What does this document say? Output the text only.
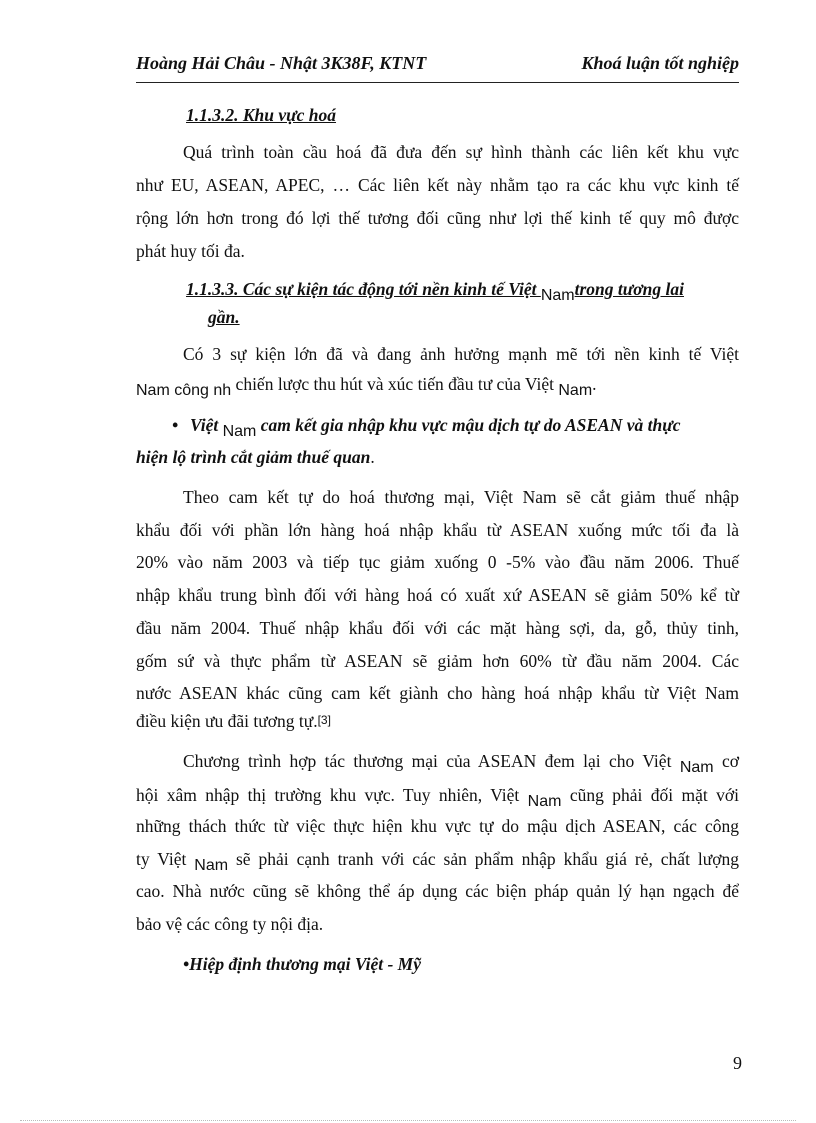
Hoàng Hải Châu - Nhật 3K38F, KTNT	Khoá luận tốt nghiệp
1.1.3.2. Khu vực hoá
Quá trình toàn cầu hoá đã đưa đến sự hình thành các liên kết khu vực
như EU, ASEAN, APEC, … Các liên kết này nhằm tạo ra các khu vực kinh tế
rộng lớn hơn trong đó lợi thế tương đối cũng như lợi thế kinh tế quy mô được
phát huy tối đa.
1.1.3.3. Các sự kiện tác động tới nền kinh tế Việt Namtrong tương lai
gần.
Có 3 sự kiện lớn đã và đang ảnh hưởng mạnh mẽ tới nền kinh tế Việt
Nam công nh chiến lược thu hút và xúc tiến đầu tư của Việt Nam.
• Việt Nam cam kết gia nhập khu vực mậu dịch tự do ASEAN và thực
hiện lộ trình cắt giảm thuế quan.
Theo cam kết tự do hoá thương mại, Việt Nam sẽ cắt giảm thuế nhập
khẩu đối với phần lớn hàng hoá nhập khẩu từ ASEAN xuống mức tối đa là
20% vào năm 2003 và tiếp tục giảm xuống 0 -5% vào đầu năm 2006. Thuế
nhập khẩu trung bình đối với hàng hoá có xuất xứ ASEAN sẽ giảm 50% kể từ
đầu năm 2004. Thuế nhập khẩu đối với các mặt hàng sợi, da, gỗ, thủy tinh,
gốm sứ và thực phẩm từ ASEAN sẽ giảm hơn 60% từ đầu năm 2004. Các
nước ASEAN khác cũng cam kết giành cho hàng hoá nhập khẩu từ Việt Nam
điều kiện ưu đãi tương tự.[3]
Chương trình hợp tác thương mại của ASEAN đem lại cho Việt Nam cơ
hội xâm nhập thị trường khu vực. Tuy nhiên, Việt Nam cũng phải đối mặt với
những thách thức từ việc thực hiện khu vực tự do mậu dịch ASEAN, các công
ty Việt Nam sẽ phải cạnh tranh với các sản phẩm nhập khẩu giá rẻ, chất lượng
cao. Nhà nước cũng sẽ không thể áp dụng các biện pháp quản lý hạn ngạch để
bảo vệ các công ty nội địa.
•Hiệp định thương mại Việt - Mỹ
9
